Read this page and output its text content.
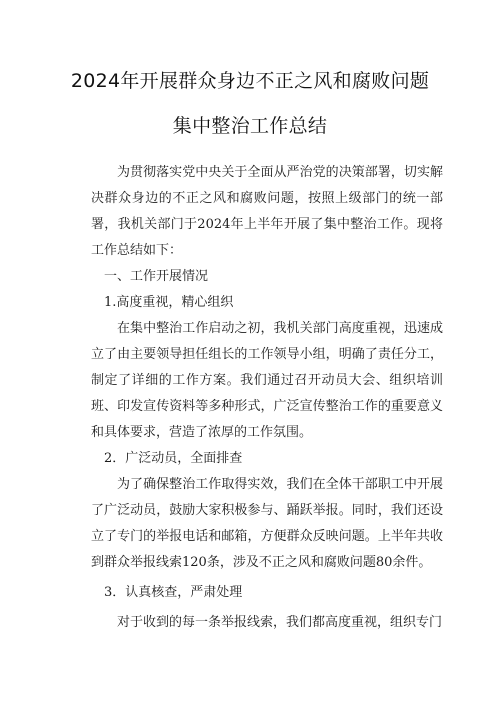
2024年开展群众身边不正之风和腐败问题
集中整治工作总结

为贯彻落实党中央关于全面从严治党的决策部署，切实解决群众身边的不正之风和腐败问题，按照上级部门的统一部署，我机关部门于2024年上半年开展了集中整治工作。现将工作总结如下：

一、工作开展情况

1.高度重视，精心组织

在集中整治工作启动之初，我机关部门高度重视，迅速成立了由主要领导担任组长的工作领导小组，明确了责任分工，制定了详细的工作方案。我们通过召开动员大会、组织培训班、印发宣传资料等多种形式，广泛宣传整治工作的重要意义和具体要求，营造了浓厚的工作氛围。

2．广泛动员，全面排查

为了确保整治工作取得实效，我们在全体干部职工中开展了广泛动员，鼓励大家积极参与、踊跃举报。同时，我们还设立了专门的举报电话和邮箱，方便群众反映问题。上半年共收到群众举报线索120条，涉及不正之风和腐败问题80余件。

3．认真核查，严肃处理

对于收到的每一条举报线索，我们都高度重视，组织专门
